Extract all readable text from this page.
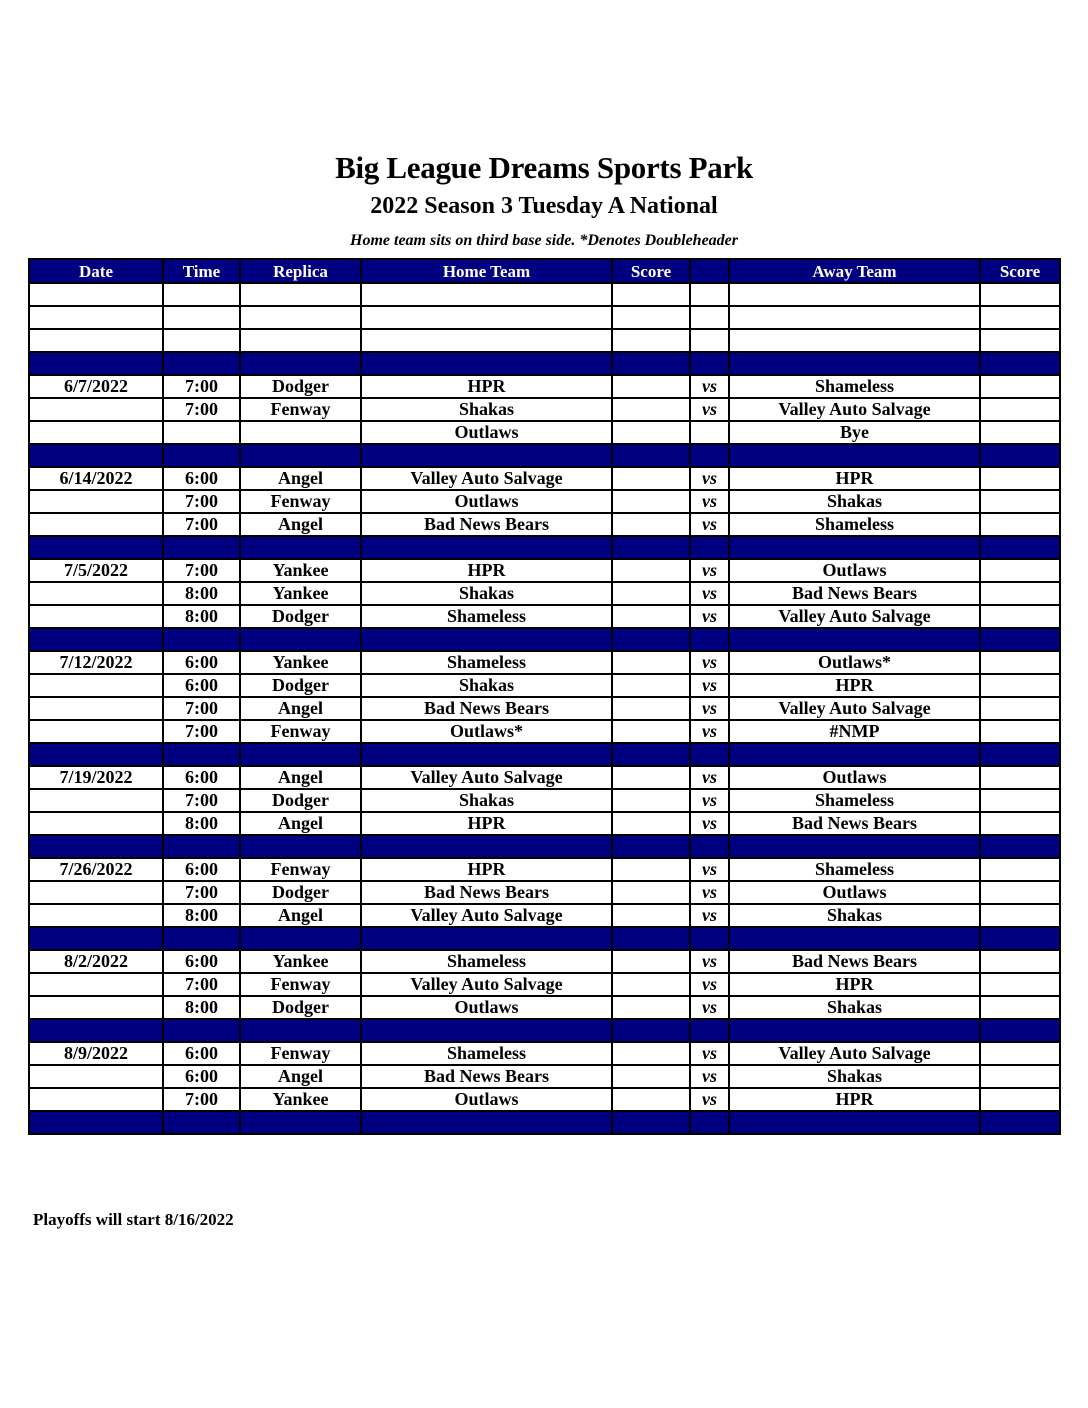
Big League Dreams Sports Park
2022 Season 3 Tuesday A National
Home team sits on third base side. *Denotes Doubleheader
Date	Time	Replica	Home Team	Score		Away Team	Score

6/7/2022	7:00	Dodger	HPR		vs	Shameless	
	7:00	Fenway	Shakas		vs	Valley Auto Salvage	
			Outlaws			Bye	

6/14/2022	6:00	Angel	Valley Auto Salvage		vs	HPR	
	7:00	Fenway	Outlaws		vs	Shakas	
	7:00	Angel	Bad News Bears		vs	Shameless	

7/5/2022	7:00	Yankee	HPR		vs	Outlaws	
	8:00	Yankee	Shakas		vs	Bad News Bears	
	8:00	Dodger	Shameless		vs	Valley Auto Salvage	

7/12/2022	6:00	Yankee	Shameless		vs	Outlaws*	
	6:00	Dodger	Shakas		vs	HPR	
	7:00	Angel	Bad News Bears		vs	Valley Auto Salvage	
	7:00	Fenway	Outlaws*		vs	#NMP	

7/19/2022	6:00	Angel	Valley Auto Salvage		vs	Outlaws	
	7:00	Dodger	Shakas		vs	Shameless	
	8:00	Angel	HPR		vs	Bad News Bears	

7/26/2022	6:00	Fenway	HPR		vs	Shameless	
	7:00	Dodger	Bad News Bears		vs	Outlaws	
	8:00	Angel	Valley Auto Salvage		vs	Shakas	

8/2/2022	6:00	Yankee	Shameless		vs	Bad News Bears	
	7:00	Fenway	Valley Auto Salvage		vs	HPR	
	8:00	Dodger	Outlaws		vs	Shakas	

8/9/2022	6:00	Fenway	Shameless		vs	Valley Auto Salvage	
	6:00	Angel	Bad News Bears		vs	Shakas	
	7:00	Yankee	Outlaws		vs	HPR	

Playoffs will start 8/16/2022
